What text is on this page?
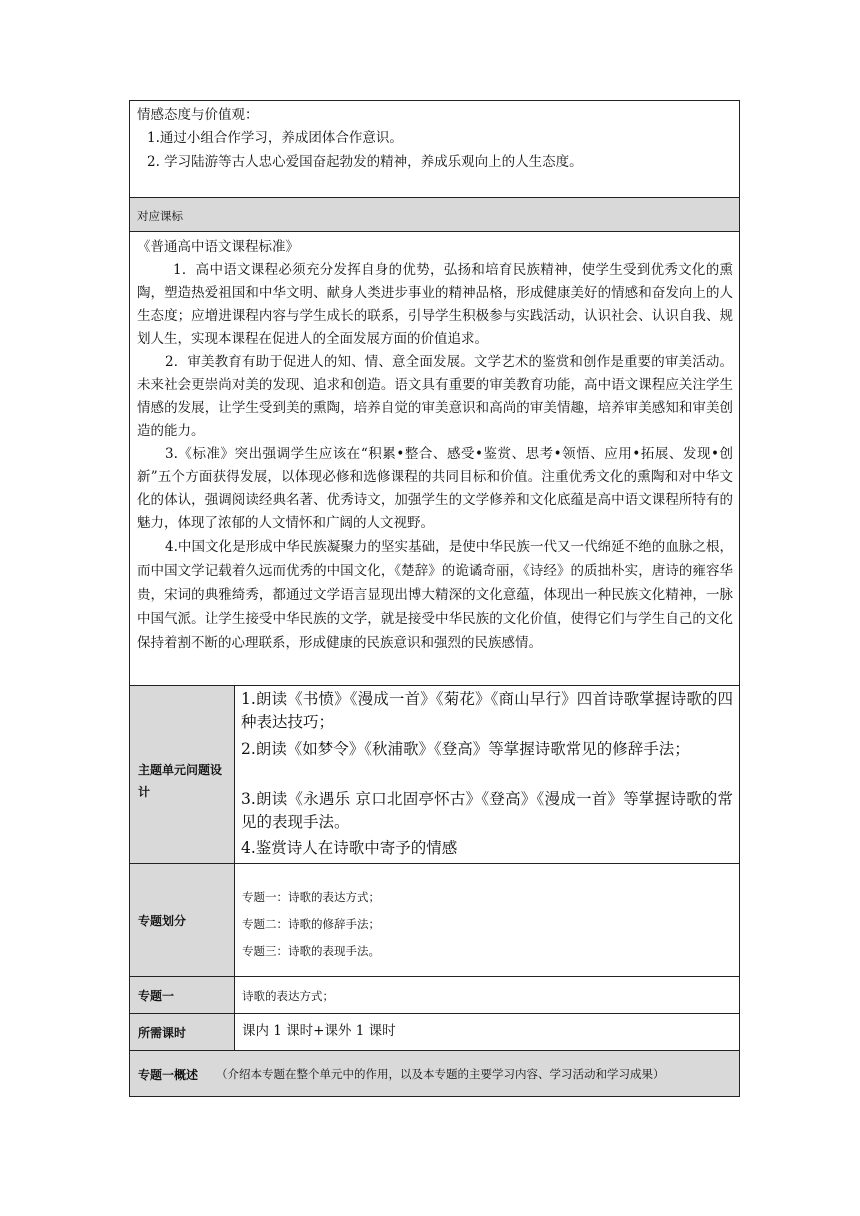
情感态度与价值观：
1.通过小组合作学习，养成团体合作意识。
2. 学习陆游等古人忠心爱国奋起勃发的精神，养成乐观向上的人生态度。
对应课标
《普通高中语文课程标准》
1．高中语文课程必须充分发挥自身的优势，弘扬和培育民族精神，使学生受到优秀文化的熏陶，塑造热爱祖国和中华文明、献身人类进步事业的精神品格，形成健康美好的情感和奋发向上的人生态度；应增进课程内容与学生成长的联系，引导学生积极参与实践活动，认识社会、认识自我、规划人生，实现本课程在促进人的全面发展方面的价值追求。
2．审美教育有助于促进人的知、情、意全面发展。文学艺术的鉴赏和创作是重要的审美活动。未来社会更崇尚对美的发现、追求和创造。语文具有重要的审美教育功能，高中语文课程应关注学生情感的发展，让学生受到美的熏陶，培养自觉的审美意识和高尚的审美情趣，培养审美感知和审美创造的能力。
3.《标准》突出强调学生应该在“积累•整合、感受•鉴赏、思考•领悟、应用•拓展、发现•创新”五个方面获得发展，以体现必修和选修课程的共同目标和价值。注重优秀文化的熏陶和对中华文化的体认，强调阅读经典名著、优秀诗文，加强学生的文学修养和文化底蕴是高中语文课程所特有的魅力，体现了浓郁的人文情怀和广阔的人文视野。
4.中国文化是形成中华民族凝聚力的坚实基础，是使中华民族一代又一代绵延不绝的血脉之根，而中国文学记载着久远而优秀的中国文化，《楚辞》的诡谲奇丽，《诗经》的质拙朴实，唐诗的雍容华贵，宋词的典雅绮秀，都通过文学语言显现出博大精深的文化意蕴，体现出一种民族文化精神，一脉中国气派。让学生接受中华民族的文学，就是接受中华民族的文化价值，使得它们与学生自己的文化保持着割不断的心理联系，形成健康的民族意识和强烈的民族感情。
主题单元问题设计
1.朗读《书愤》《漫成一首》《菊花》《商山早行》四首诗歌掌握诗歌的四种表达技巧；
2.朗读《如梦令》《秋浦歌》《登高》等掌握诗歌常见的修辞手法；
3.朗读《永遇乐 京口北固亭怀古》《登高》《漫成一首》等掌握诗歌的常见的表现手法。
4.鉴赏诗人在诗歌中寄予的情感
专题划分
专题一：诗歌的表达方式；
专题二：诗歌的修辞手法；
专题三：诗歌的表现手法。
专题一	诗歌的表达方式；
所需课时	课内 1 课时+课外 1 课时
专题一概述 （介绍本专题在整个单元中的作用，以及本专题的主要学习内容、学习活动和学习成果）
